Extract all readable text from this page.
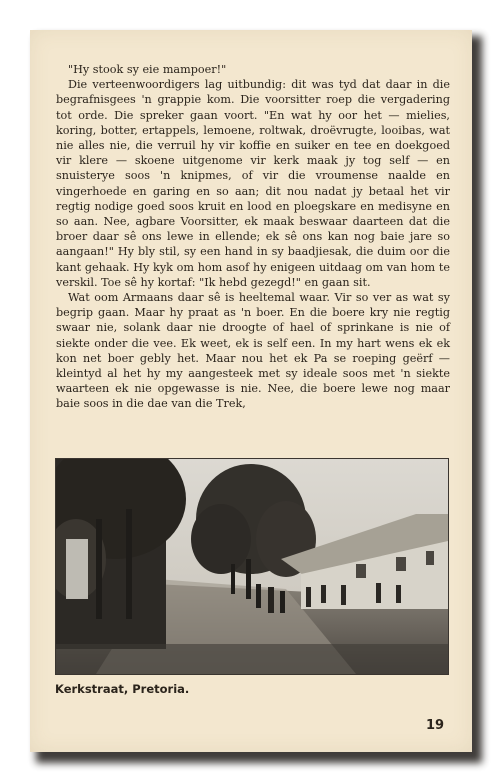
"Hy stook sy eie mampoer!"

Die verteenwoordigers lag uitbundig: dit was tyd dat daar in die begrafnisgees 'n grappie kom. Die voorsitter roep die vergadering tot orde. Die spreker gaan voort. "En wat hy oor het — mielies, koring, botter, ertappels, lemoene, roltwak, droëvrugte, looibas, wat nie alles nie, die verruil hy vir koffie en suiker en tee en doekgoed vir klere — skoene uitgenome vir kerk maak jy tog self — en snuisterye soos 'n knipmes, of vir die vroumense naalde en vingerhoede en garing en so aan; dit nou nadat jy betaal het vir regtig nodige goed soos kruit en lood en ploegskare en medisyne en so aan. Nee, agbare Voorsitter, ek maak beswaar daarteen dat die broer daar sê ons lewe in ellende; ek sê ons kan nog baie jare so aangaan!" Hy bly stil, sy een hand in sy baadjiesak, die duim oor die kant gehaak. Hy kyk om hom asof hy enigeen uitdaag om van hom te verskil. Toe sê hy kortaf: "Ik hebd gezegd!" en gaan sit.

Wat oom Armaans daar sê is heeltemal waar. Vir so ver as wat sy begrip gaan. Maar hy praat as 'n boer. En die boere kry nie regtig swaar nie, solank daar nie droogte of hael of sprinkane is nie of siekte onder die vee. Ek weet, ek is self een. In my hart wens ek ek kon net boer gebly het. Maar nou het ek Pa se roeping geërf — kleintyd al het hy my aangesteek met sy ideale soos met 'n siekte waarteen ek nie opgewasse is nie. Nee, die boere lewe nog maar baie soos in die dae van die Trek,

Kerkstraat, Pretoria.
19
